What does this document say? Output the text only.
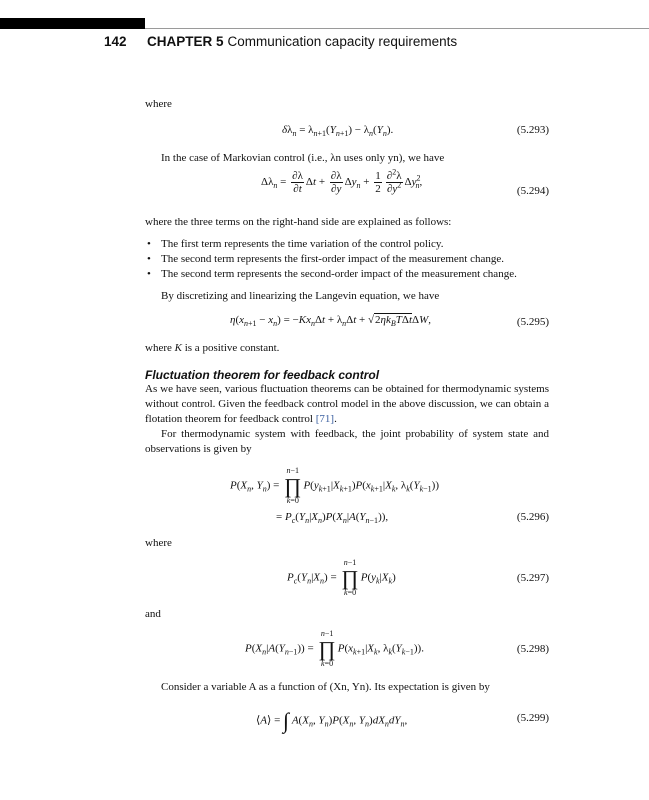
142 CHAPTER 5 Communication capacity requirements
where
$\delta\lambda_n = \lambda_{n+1}(Y_{n+1}) - \lambda_n(Y_n)$.	(5.293)
In the case of Markovian control (i.e., λn uses only yn), we have
$\Delta\lambda_n = \frac{\partial\lambda}{\partial t}$ $\Delta t + \frac{\partial\lambda}{\partial y} \Delta y_n + \frac{1}{2} \frac{\partial^2\lambda}{\partial y^2} \Delta y^2_n$,
(5.294)
where the three terms on the right-hand side are explained as follows:
• The first term represents the time variation of the control policy.
• The second term represents the first-order impact of the measurement change.
• The second term represents the second-order impact of the measurement change.
By discretizing and linearizing the Langevin equation, we have
$\eta(x_{n+1} - x_n) = -Kx_n\Delta t + \lambda_n\Delta t + √2\eta k_BT\Delta t\Delta W$,	(5.295)
where K is a positive constant.
Fluctuation theorem for feedback control
As we have seen, various fluctuation theorems can be obtained for thermodynamic systems without control. Given the feedback control model in the above discussion, we can obtain a flotation theorem for feedback control [71].
For thermodynamic system with feedback, the joint probability of system state and observations is given by
$P(X_n$, $Y_n$) =
n−1
∏
k=0
$P(y_{k+1}|X_{k+1})P(x_{k+1}|X_k$, $\lambda_k(Y_{k-1})$)
= $P_c(Y_n|X_n)P(X_n|A(Y_{n-1}))$,	(5.296)
where
$P_c(Y_n|X_n)$ =
n−1
∏
k=0
$P(y_k|X_k)$	(5.297)
and
$P(X_n|A(Y_{n-1}))$ =
n−1
∏
k=0
$P(x_{k+1}|X_k$, $\lambda_k(Y_{k-1})$).	(5.298)
Consider a variable A as a function of (Xn, Yn). Its expectation is given by
⟨A⟩ = ∫ $A(X_n$, $Y_n)P(X_n$, $Y_n)dX_ndY_n$,	(5.299)
